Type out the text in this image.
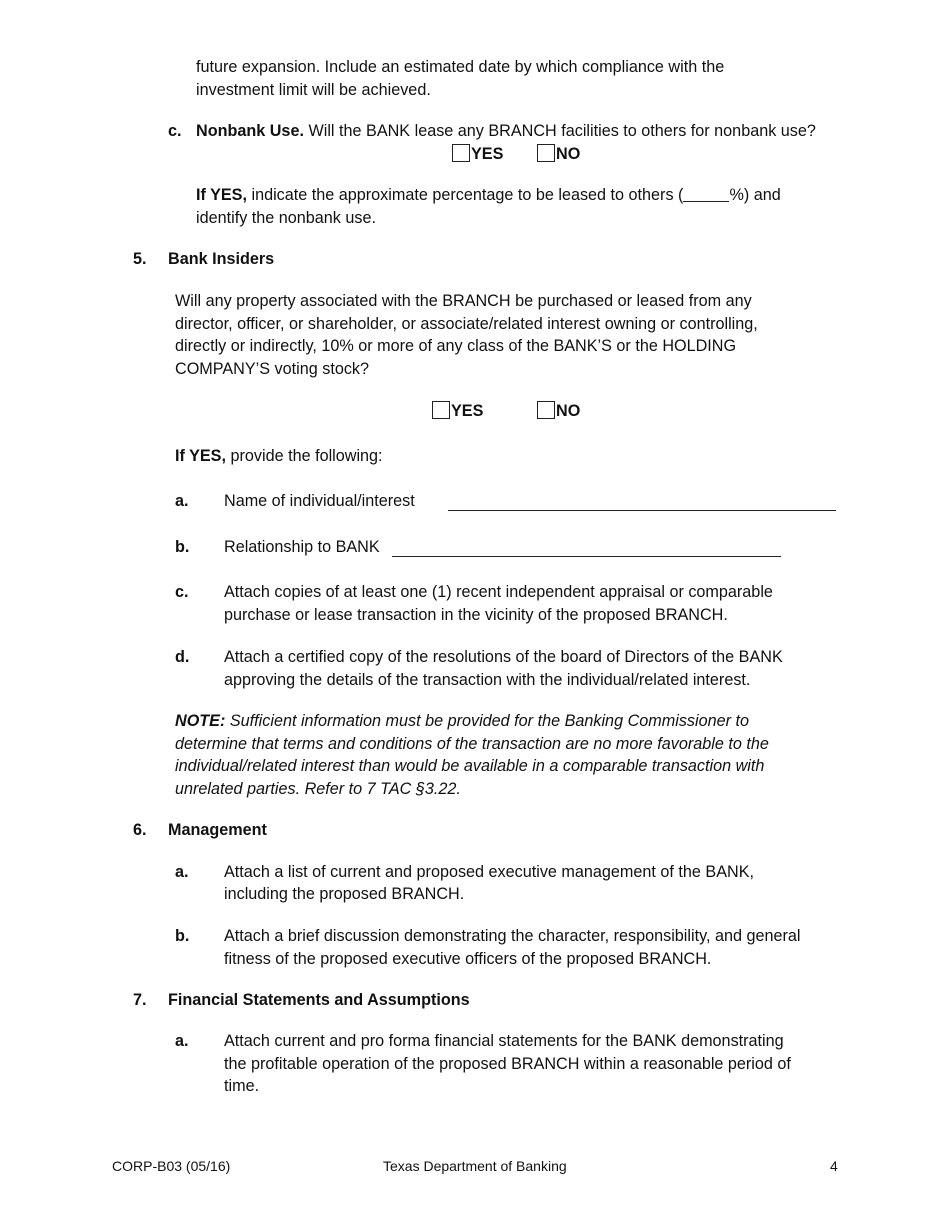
future expansion. Include an estimated date by which compliance with the

investment limit will be achieved.

c. Nonbank Use. Will the BANK lease any BRANCH facilities to others for nonbank use?

YES	NO

If YES, indicate the approximate percentage to be leased to others (	%) and

identify the nonbank use.

5. Bank Insiders

Will any property associated with the BRANCH be purchased or leased from any

director, officer, or shareholder, or associate/related interest owning or controlling,

directly or indirectly, 10% or more of any class of the BANK’S or the HOLDING

COMPANY’S voting stock?

YES	NO

If YES, provide the following:

a. Name of individual/interest

b. Relationship to BANK

c. Attach copies of at least one (1) recent independent appraisal or comparable

purchase or lease transaction in the vicinity of the proposed BRANCH.

d. Attach a certified copy of the resolutions of the board of Directors of the BANK

approving the details of the transaction with the individual/related interest.

NOTE: Sufficient information must be provided for the Banking Commissioner to

determine that terms and conditions of the transaction are no more favorable to the

individual/related interest than would be available in a comparable transaction with

unrelated parties. Refer to 7 TAC §3.22.

6. Management
a. Attach a list of current and proposed executive management of the BANK,

including the proposed BRANCH.

b. Attach a brief discussion demonstrating the character, responsibility, and general

fitness of the proposed executive officers of the proposed BRANCH.

7. Financial Statements and Assumptions
a. Attach current and pro forma financial statements for the BANK demonstrating

the profitable operation of the proposed BRANCH within a reasonable period of

time.

CORP-B03 (05/16)	Texas Department of Banking	4
